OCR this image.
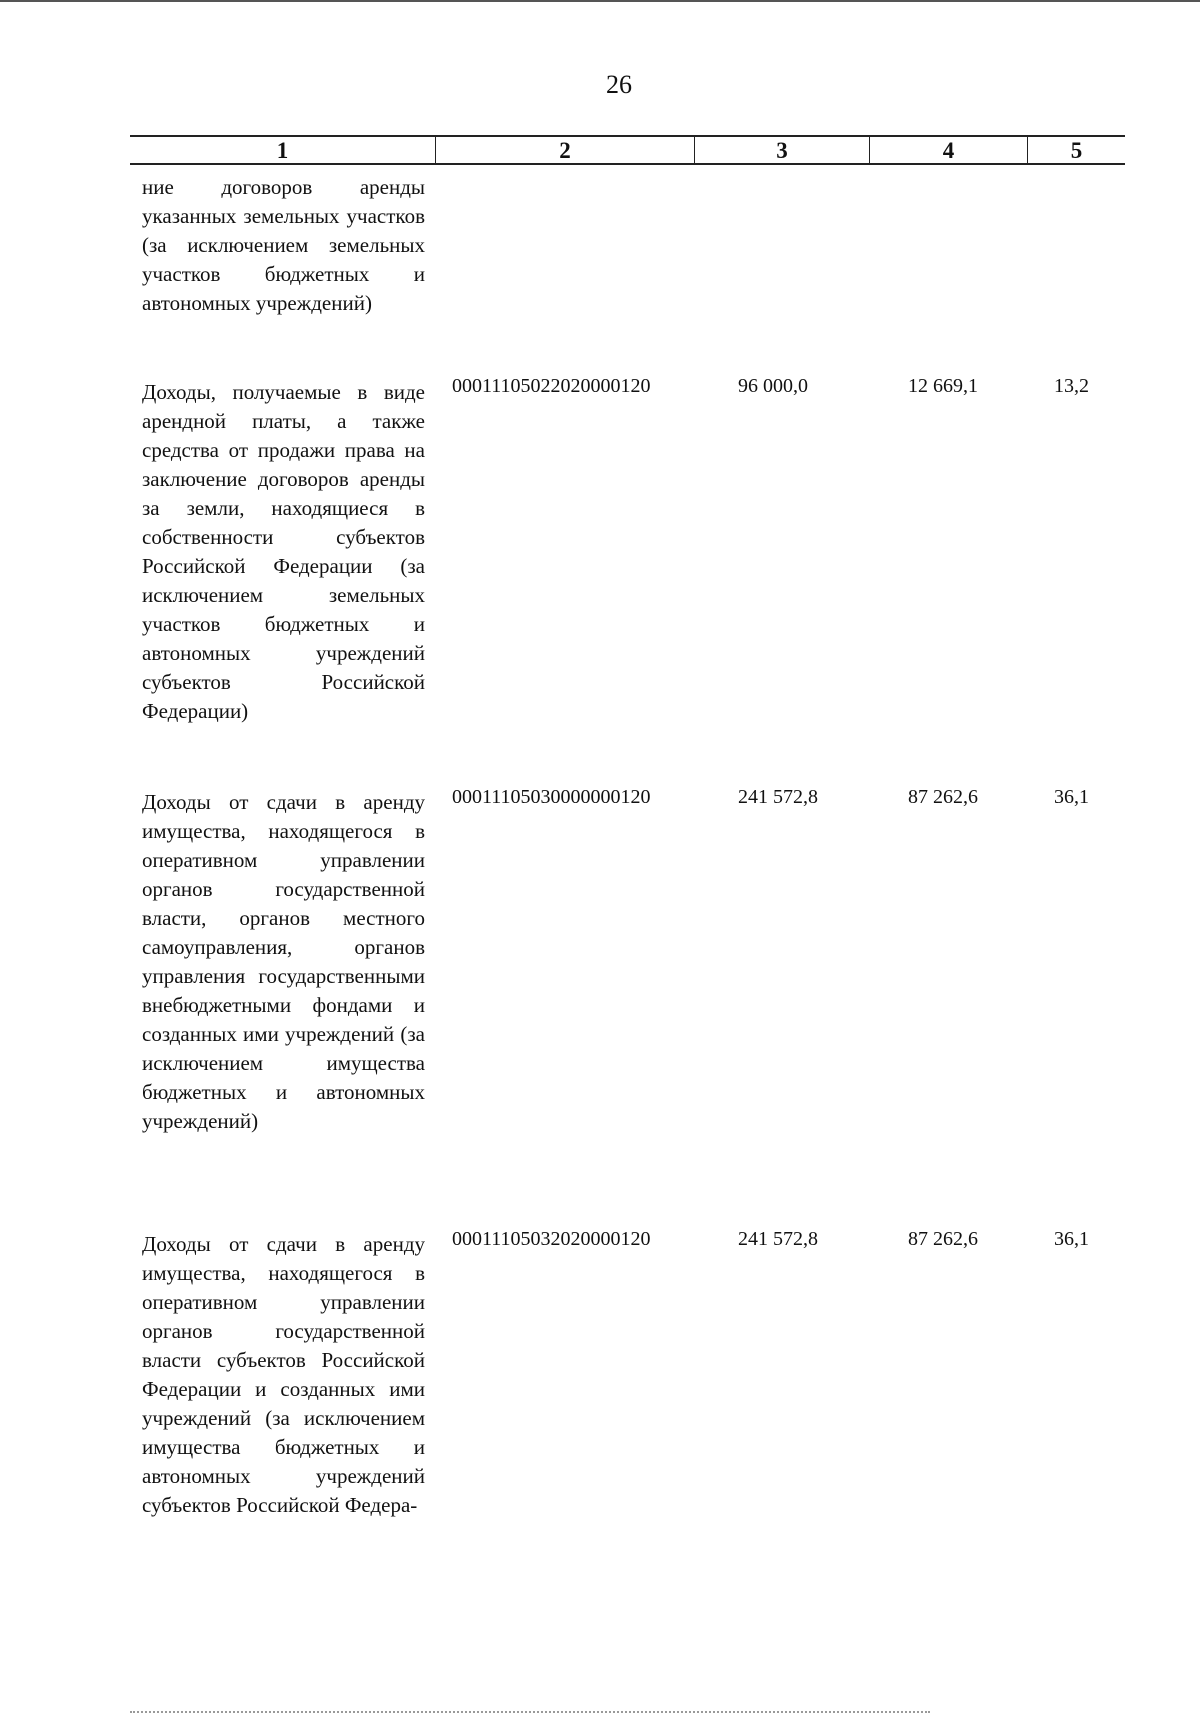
26
1	2	3	4	5
ние договоров аренды указанных земельных участков (за исключением земельных участков бюджетных и автономных учреждений)
Доходы, получаемые в виде арендной платы, а также средства от продажи права на заключение договоров аренды за земли, находящиеся в собственности субъектов Российской Федерации (за исключением земельных участков бюджетных и автономных учреждений субъектов Российской Федерации)
00011105022020000120	96 000,0	12 669,1	13,2
Доходы от сдачи в аренду имущества, находящегося в оперативном управлении органов государственной власти, органов местного самоуправления, органов управления государственными внебюджетными фондами и созданных ими учреждений (за исключением имущества бюджетных и автономных учреждений)
00011105030000000120	241 572,8	87 262,6	36,1
Доходы от сдачи в аренду имущества, находящегося в оперативном управлении органов государственной власти субъектов Российской Федерации и созданных ими учреждений (за исключением имущества бюджетных и автономных учреждений субъектов Российской Федера-
00011105032020000120	241 572,8	87 262,6	36,1
